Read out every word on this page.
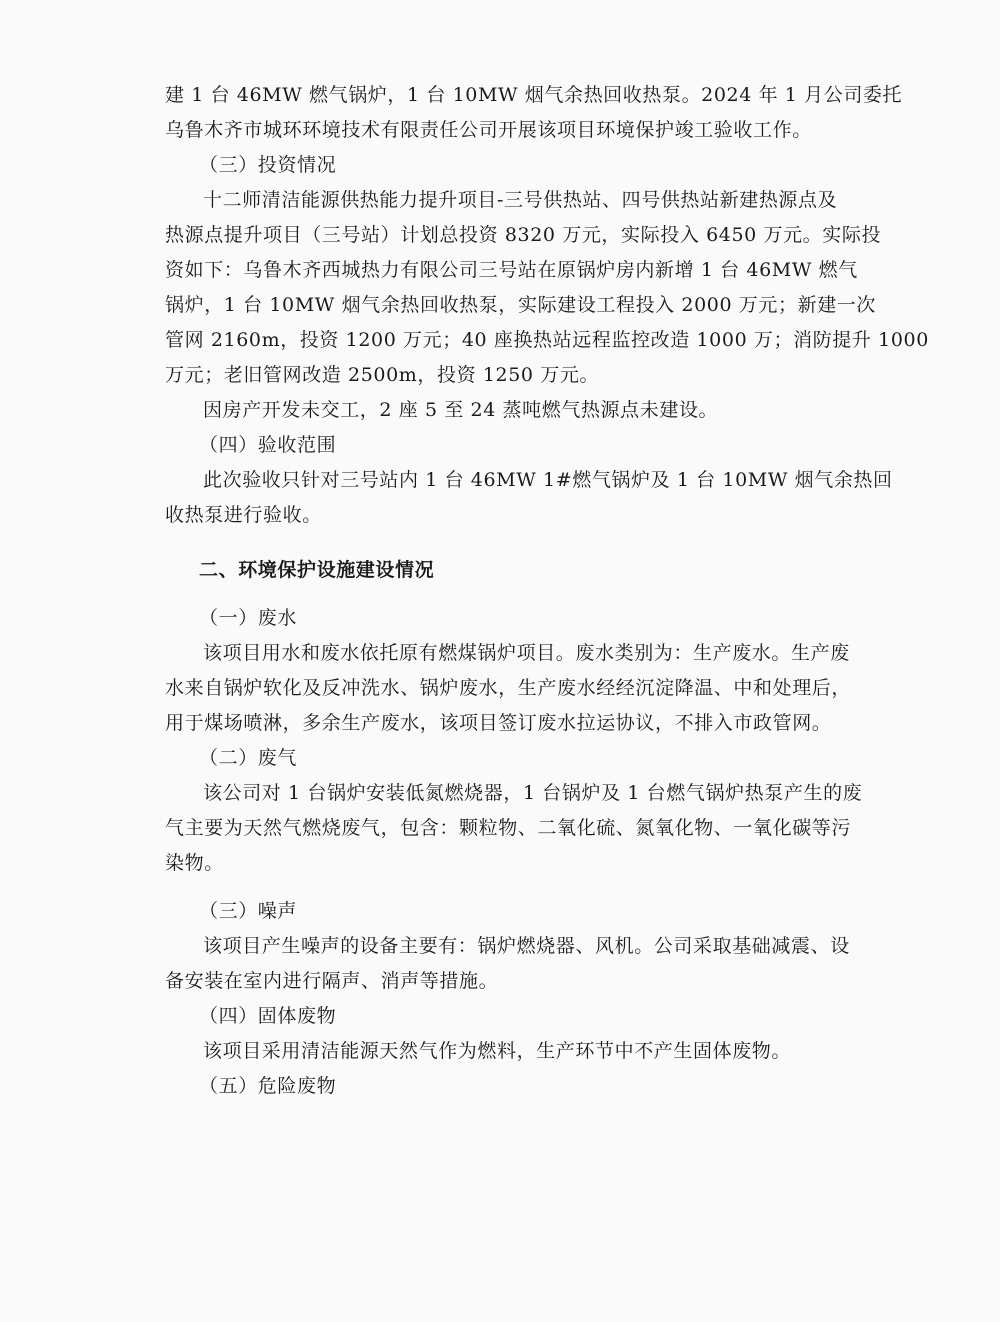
建 1 台 46MW 燃气锅炉，1 台 10MW 烟气余热回收热泵。2024 年 1 月公司委托
乌鲁木齐市城环环境技术有限责任公司开展该项目环境保护竣工验收工作。
（三）投资情况
十二师清洁能源供热能力提升项目-三号供热站、四号供热站新建热源点及
热源点提升项目（三号站）计划总投资 8320 万元，实际投入 6450 万元。实际投
资如下：乌鲁木齐西城热力有限公司三号站在原锅炉房内新增 1 台 46MW 燃气
锅炉，1 台 10MW 烟气余热回收热泵，实际建设工程投入 2000 万元；新建一次
管网 2160m，投资 1200 万元；40 座换热站远程监控改造 1000 万；消防提升 1000
万元；老旧管网改造 2500m，投资 1250 万元。
因房产开发未交工，2 座 5 至 24 蒸吨燃气热源点未建设。
（四）验收范围
此次验收只针对三号站内 1 台 46MW 1#燃气锅炉及 1 台 10MW 烟气余热回
收热泵进行验收。
二、环境保护设施建设情况
（一）废水
该项目用水和废水依托原有燃煤锅炉项目。废水类别为：生产废水。生产废
水来自锅炉软化及反冲洗水、锅炉废水，生产废水经经沉淀降温、中和处理后，
用于煤场喷淋，多余生产废水，该项目签订废水拉运协议，不排入市政管网。
（二）废气
该公司对 1 台锅炉安装低氮燃烧器，1 台锅炉及 1 台燃气锅炉热泵产生的废
气主要为天然气燃烧废气，包含：颗粒物、二氧化硫、氮氧化物、一氧化碳等污
染物。
（三）噪声
该项目产生噪声的设备主要有：锅炉燃烧器、风机。公司采取基础减震、设
备安装在室内进行隔声、消声等措施。
（四）固体废物
该项目采用清洁能源天然气作为燃料，生产环节中不产生固体废物。
（五）危险废物
